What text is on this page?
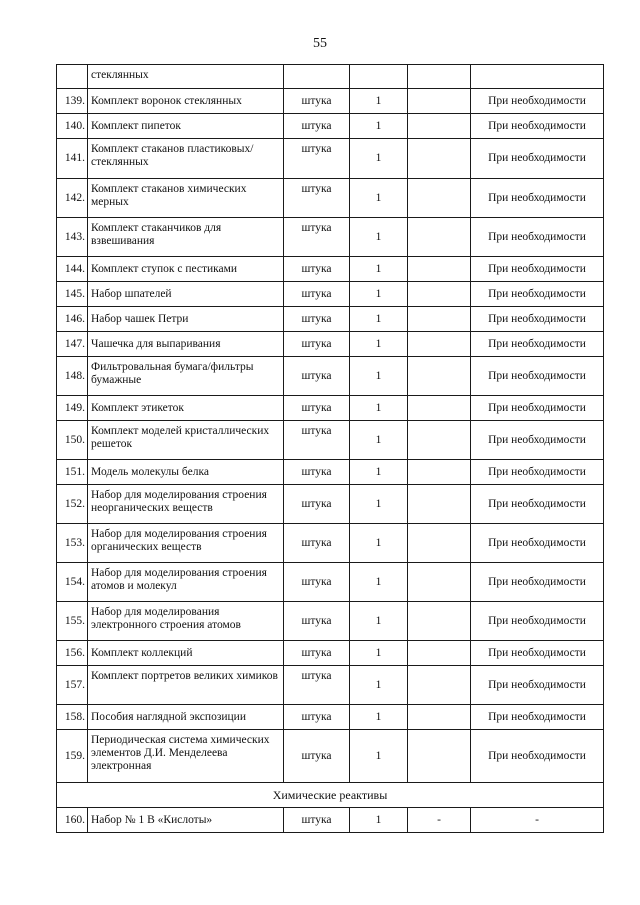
55
	стеклянных				
139.	Комплект воронок стеклянных	штука	1		При необходимости
140.	Комплект пипеток	штука	1		При необходимости
141.	Комплект стаканов пластиковых/стеклянных	штука	1		При необходимости
142.	Комплект стаканов химических мерных	штука	1		При необходимости
143.	Комплект стаканчиков для взвешивания	штука	1		При необходимости
144.	Комплект ступок с пестиками	штука	1		При необходимости
145.	Набор шпателей	штука	1		При необходимости
146.	Набор чашек Петри	штука	1		При необходимости
147.	Чашечка для выпаривания	штука	1		При необходимости
148.	Фильтровальная бумага/фильтры бумажные	штука	1		При необходимости
149.	Комплект этикеток	штука	1		При необходимости
150.	Комплект моделей кристаллических решеток	штука	1		При необходимости
151.	Модель молекулы белка	штука	1		При необходимости
152.	Набор для моделирования строения неорганических веществ	штука	1		При необходимости
153.	Набор для моделирования строения органических веществ	штука	1		При необходимости
154.	Набор для моделирования строения атомов и молекул	штука	1		При необходимости
155.	Набор для моделирования электронного строения атомов	штука	1		При необходимости
156.	Комплект коллекций	штука	1		При необходимости
157.	Комплект портретов великих химиков	штука	1		При необходимости
158.	Пособия наглядной экспозиции	штука	1		При необходимости
159.	Периодическая система химических элементов Д.И. Менделеева электронная	штука	1		При необходимости
Химические реактивы					
160.	Набор № 1 В «Кислоты»	штука	1	-	-
